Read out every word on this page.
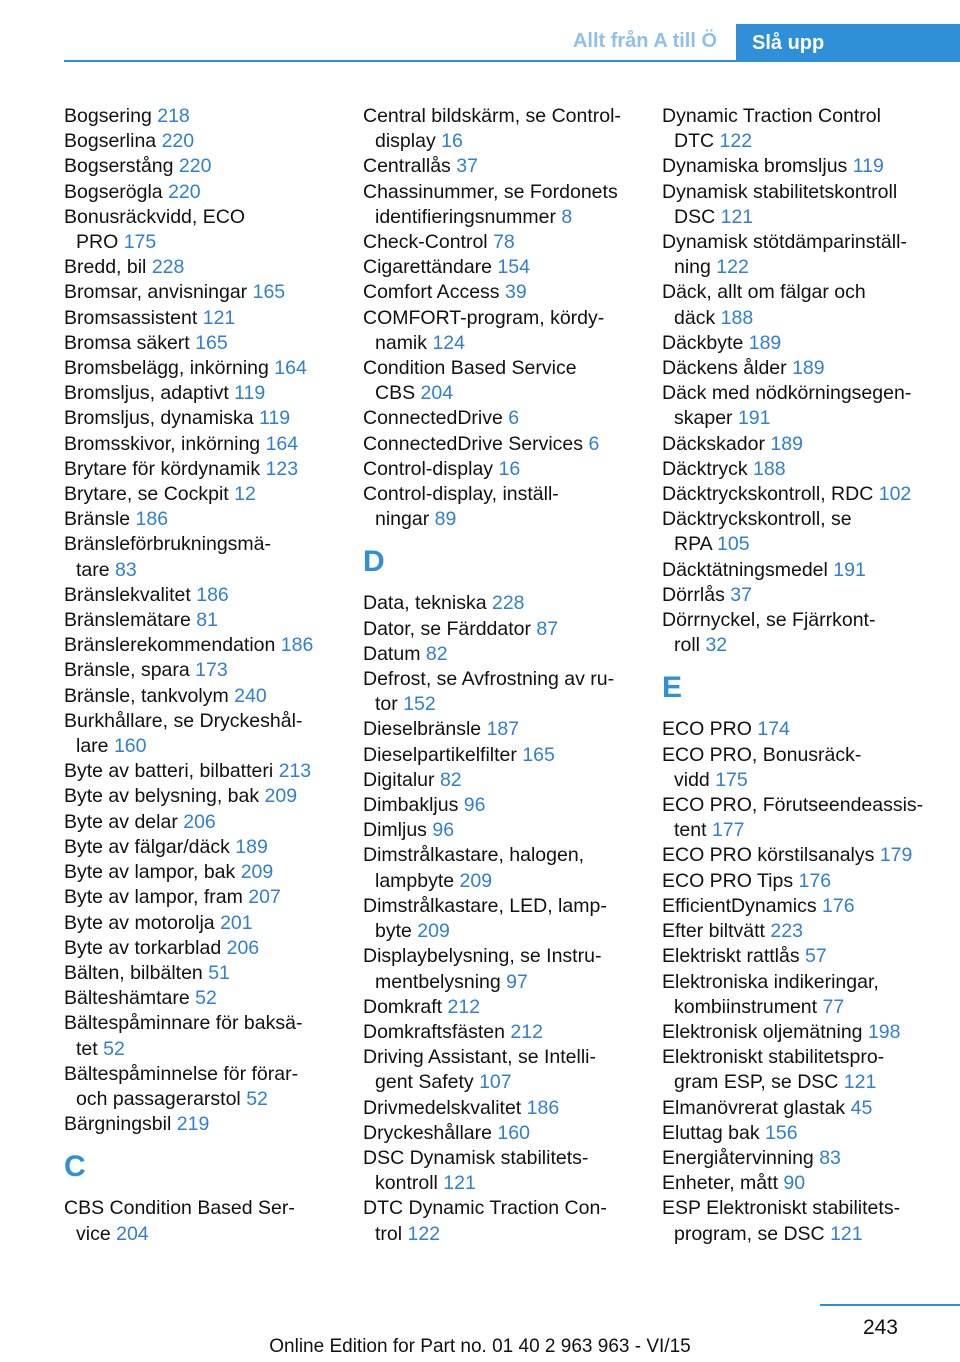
Allt från A till Ö	Slå upp
Bogsering 218
Bogserlina 220
Bogserstång 220
Bogserögla 220
Bonusräckvidd, ECO
PRO 175
Bredd, bil 228
Bromsar, anvisningar 165
Bromsassistent 121
Bromsa säkert 165
Bromsbelägg, inkörning 164
Bromsljus, adaptivt 119
Bromsljus, dynamiska 119
Bromsskivor, inkörning 164
Brytare för kördynamik 123
Brytare, se Cockpit 12
Bränsle 186
Bränsleförbrukningsmä-
tare 83
Bränslekvalitet 186
Bränslemätare 81
Bränslerekommendation 186
Bränsle, spara 173
Bränsle, tankvolym 240
Burkhållare, se Dryckeshål-
lare 160
Byte av batteri, bilbatteri 213
Byte av belysning, bak 209
Byte av delar 206
Byte av fälgar/däck 189
Byte av lampor, bak 209
Byte av lampor, fram 207
Byte av motorolja 201
Byte av torkarblad 206
Bälten, bilbälten 51
Bälteshämtare 52
Bältespåminnare för baksä-
tet 52
Bältespåminnelse för förar-
och passagerarstol 52
Bärgningsbil 219
C
CBS Condition Based Ser-
vice 204
Central bildskärm, se Control-
display 16
Centrallås 37
Chassinummer, se Fordonets
identifieringsnummer 8
Check-Control 78
Cigarettändare 154
Comfort Access 39
COMFORT-program, kördy-
namik 124
Condition Based Service
CBS 204
ConnectedDrive 6
ConnectedDrive Services 6
Control-display 16
Control-display, inställ-
ningar 89
D
Data, tekniska 228
Dator, se Färddator 87
Datum 82
Defrost, se Avfrostning av ru-
tor 152
Dieselbränsle 187
Dieselpartikelfilter 165
Digitalur 82
Dimbakljus 96
Dimljus 96
Dimstrålkastare, halogen,
lampbyte 209
Dimstrålkastare, LED, lamp-
byte 209
Displaybelysning, se Instru-
mentbelysning 97
Domkraft 212
Domkraftsfästen 212
Driving Assistant, se Intelli-
gent Safety 107
Drivmedelskvalitet 186
Dryckeshållare 160
DSC Dynamisk stabilitets-
kontroll 121
DTC Dynamic Traction Con-
trol 122
Dynamic Traction Control
DTC 122
Dynamiska bromsljus 119
Dynamisk stabilitetskontroll
DSC 121
Dynamisk stötdämparinställ-
ning 122
Däck, allt om fälgar och
däck 188
Däckbyte 189
Däckens ålder 189
Däck med nödkörningsegen-
skaper 191
Däckskador 189
Däcktryck 188
Däcktryckskontroll, RDC 102
Däcktryckskontroll, se
RPA 105
Däcktätningsmedel 191
Dörrlås 37
Dörrnyckel, se Fjärrkont-
roll 32
E
ECO PRO 174
ECO PRO, Bonusräck-
vidd 175
ECO PRO, Förutseendeassis-
tent 177
ECO PRO körstilsanalys 179
ECO PRO Tips 176
EfficientDynamics 176
Efter biltvätt 223
Elektriskt rattlås 57
Elektroniska indikeringar,
kombiinstrument 77
Elektronisk oljemätning 198
Elektroniskt stabilitetspro-
gram ESP, se DSC 121
Elmanövrerat glastak 45
Eluttag bak 156
Energiåtervinning 83
Enheter, mått 90
ESP Elektroniskt stabilitets-
program, se DSC 121
243
Online Edition for Part no. 01 40 2 963 963 - VI/15
